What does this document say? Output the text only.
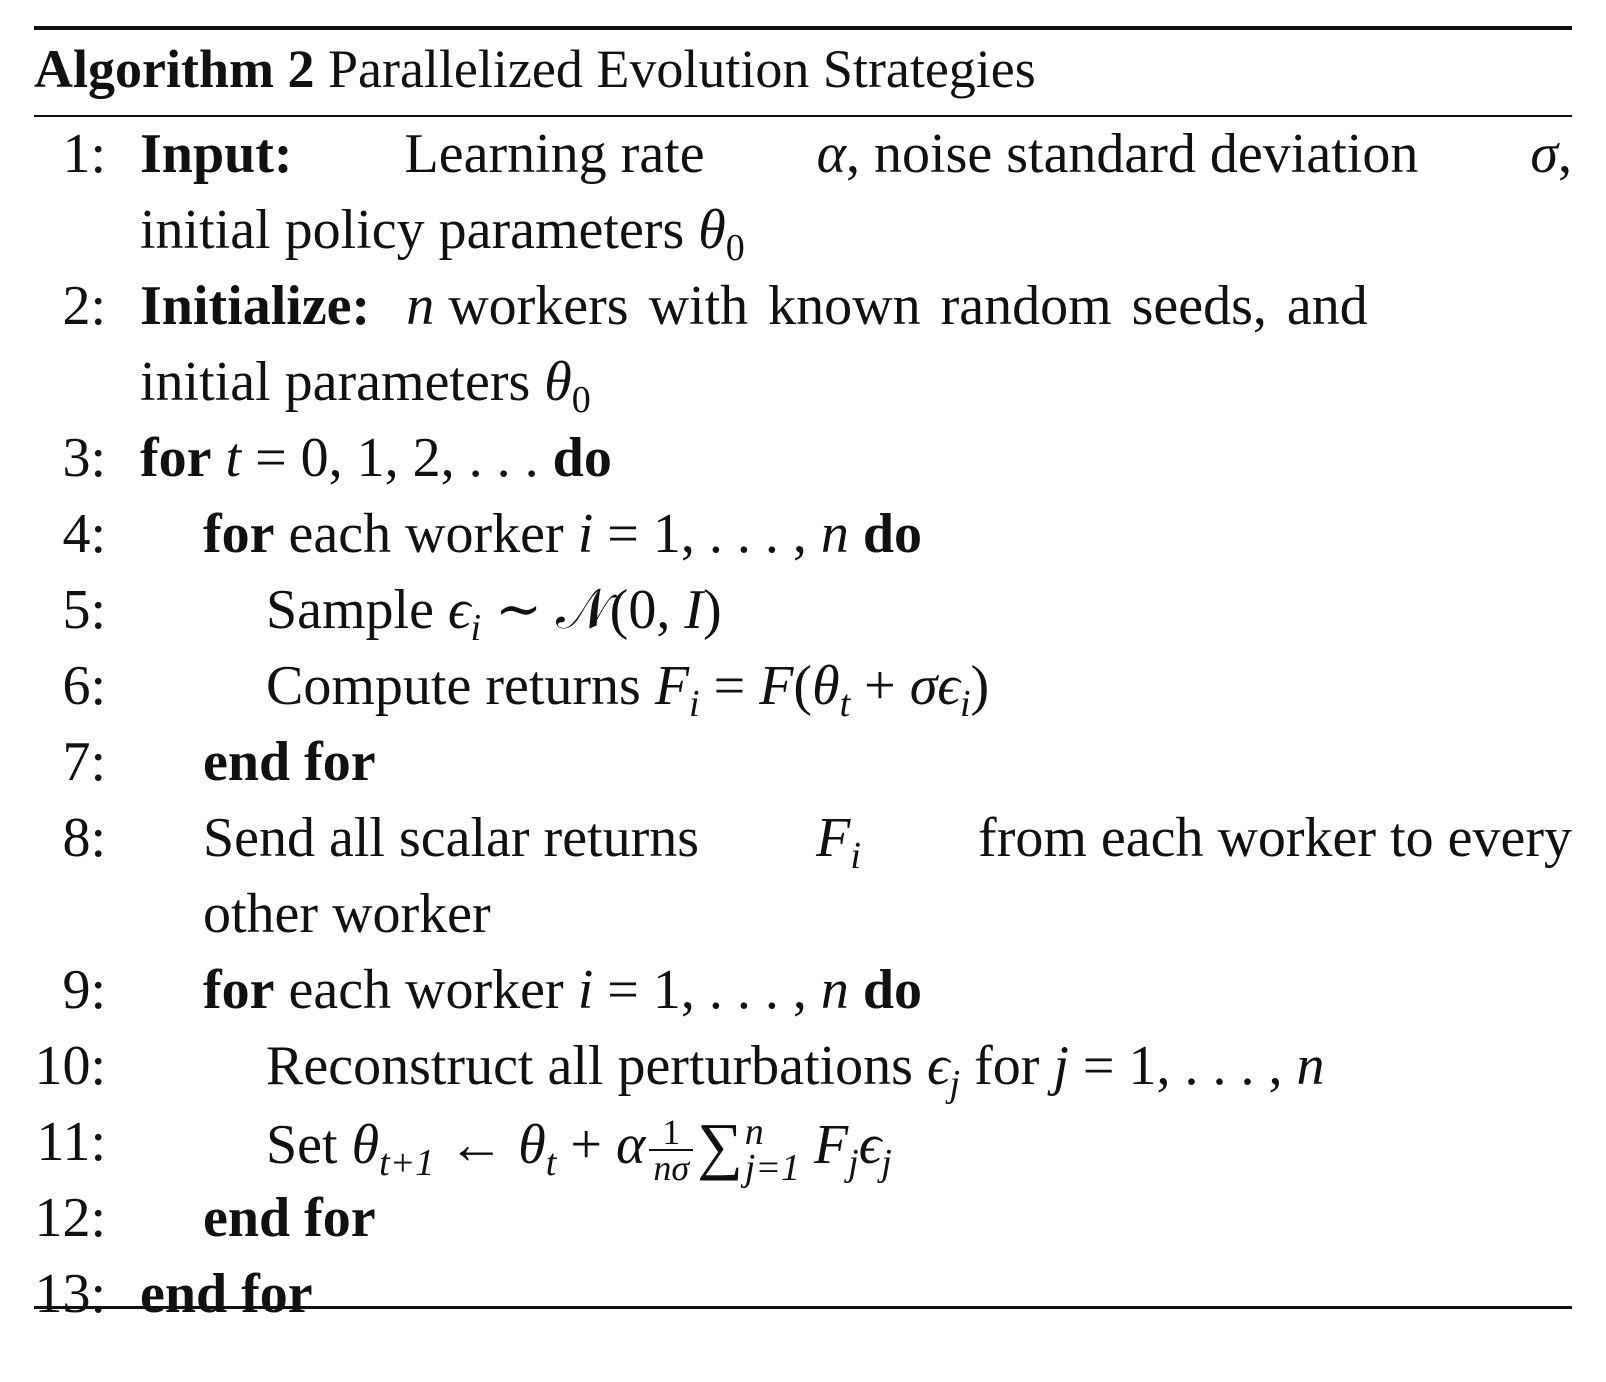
Algorithm 2 Parallelized Evolution Strategies
1: Input: Learning rate α, noise standard deviation σ,
initial policy parameters $\theta_0$
2: Initialize: n workers with known random seeds, and
initial parameters $\theta_0$
3: for t = 0, 1, 2, . . . do
4: for each worker i = 1, . . . , n do
5:	Sample $\epsilon_i$ ∼ 𝒩(0, I)
6:	Compute returns $F_i = F(\theta_t + \sigma\epsilon_i)$
7: end for
8: Send all scalar returns $F_i$ from each worker to every
other worker
9: for each worker i = 1, . . . , n do
10:	Reconstruct all perturbations $\epsilon_j$ for j = 1, . . . , n
11:	Set $\theta_{t+1}$ ← $\theta_t + \alpha \frac{1}{n\sigma}$ ∑ n
j=1 $F_j\epsilon_j$
12: end for
13: end for
